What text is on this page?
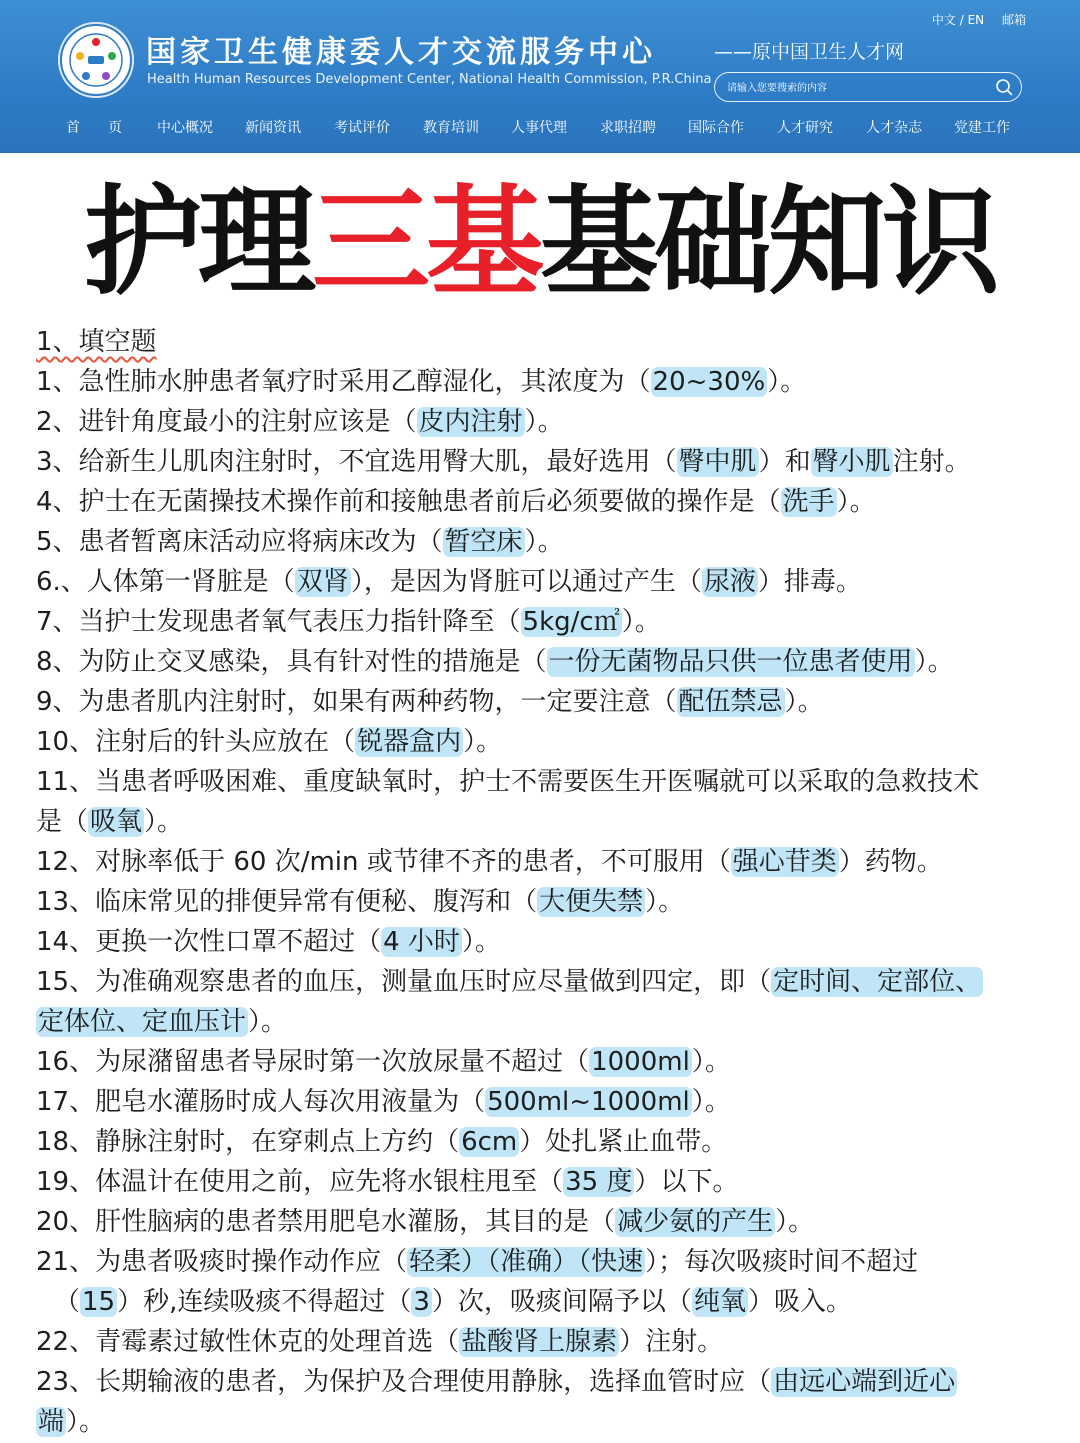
国家卫生健康委人才交流服务中心
Health Human Resources Development Center, National Health Commission, P.R.China
——原中国卫生人才网
中文 / EN 邮箱
请输入您要搜索的内容
首　　页	中心概况 新闻资讯 考试评价 教育培训 人事代理 求职招聘 国际合作 人才研究 人才杂志 党建工作
护理三基基础知识
1、填空题
1、急性肺水肿患者氧疗时采用乙醇湿化，其浓度为（20~30%）。
2、进针角度最小的注射应该是（皮内注射）。
3、给新生儿肌肉注射时，不宜选用臀大肌，最好选用（臀中肌）和臀小肌注射。
4、护士在无菌操技术操作前和接触患者前后必须要做的操作是（洗手）。
5、患者暂离床活动应将病床改为（暂空床）。
6.、人体第一肾脏是（双肾），是因为肾脏可以通过产生（尿液）排毒。
7、当护士发现患者氧气表压力指针降至（5kg/c㎡）。
8、为防止交叉感染，具有针对性的措施是（一份无菌物品只供一位患者使用）。
9、为患者肌内注射时，如果有两种药物，一定要注意（配伍禁忌）。
10、注射后的针头应放在（锐器盒内）。
11、当患者呼吸困难、重度缺氧时，护士不需要医生开医嘱就可以采取的急救技术
是（吸氧）。
12、对脉率低于 60 次/min 或节律不齐的患者，不可服用（强心苷类）药物。
13、临床常见的排便异常有便秘、腹泻和（大便失禁）。
14、更换一次性口罩不超过（4 小时）。
15、为准确观察患者的血压，测量血压时应尽量做到四定，即（定时间、定部位、
定体位、定血压计）。
16、为尿潴留患者导尿时第一次放尿量不超过（1000ml）。
17、肥皂水灌肠时成人每次用液量为（500ml~1000ml）。
18、静脉注射时，在穿刺点上方约（6cm）处扎紧止血带。
19、体温计在使用之前，应先将水银柱甩至（35 度）以下。
20、肝性脑病的患者禁用肥皂水灌肠，其目的是（减少氨的产生）。
21、为患者吸痰时操作动作应（轻柔）（准确）（快速）；每次吸痰时间不超过
（15）秒,连续吸痰不得超过（3）次，吸痰间隔予以（纯氧）吸入。
22、青霉素过敏性休克的处理首选（盐酸肾上腺素）注射。
23、长期输液的患者，为保护及合理使用静脉，选择血管时应（由远心端到近心
端）。
